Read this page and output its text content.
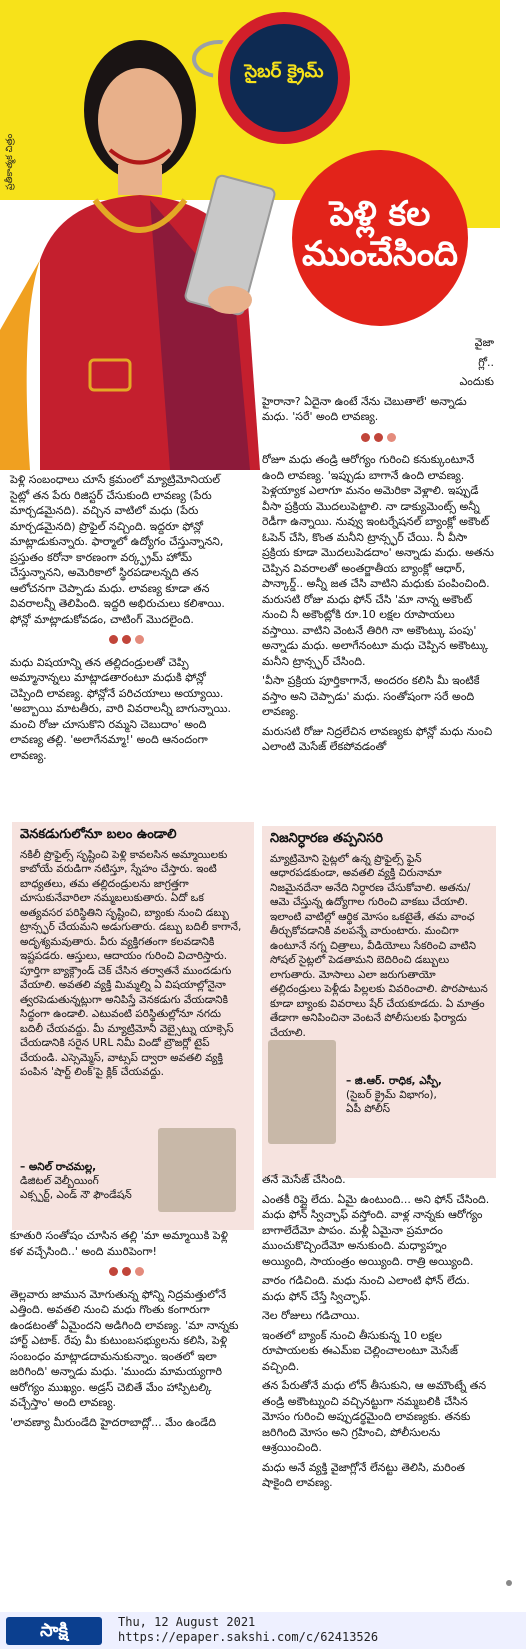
ప్రతీకాత్మక చిత్రం
సైబర్ క్రైమ్
పెళ్లి కల ముంచేసింది

వైజా

గ్లో..

ఎందుకు

హైరానా? ఏదైనా ఉంటే నేను చెబుతాలే' అన్నాడు మధు. 'సరే' అంది లావణ్య.

రోజూ మధు తండ్రి ఆరోగ్యం గురించి కనుక్కుంటూనే ఉంది లావణ్య. 'ఇప్పుడు బాగానే ఉంది లావణ్య. పెళ్లయ్యాక ఎలాగూ మనం అమెరికా వెళ్లాలి. ఇప్పుడే వీసా ప్రక్రియ మొదలుపెట్టాలి. నా డాక్యుమెంట్స్ అన్నీ రెడీగా ఉన్నాయి. నువ్వు ఇంటర్నేషనల్ బ్యాంక్లో అకౌంట్ ఓపెన్ చేసి, కొంత మనీని ట్రాన్స్ఫర్ చేయి. నీ వీసా ప్రక్రియ కూడా మొదలుపెడదాం' అన్నాడు మధు. అతను చెప్పిన వివరాలతో అంతర్జాతీయ బ్యాంక్లో ఆధార్, పాన్కార్డ్.. అన్నీ జత చేసి వాటిని మధుకు పంపించింది. మరుసటి రోజు మధు ఫోన్ చేసి 'మా నాన్న అకౌంట్ నుంచి నీ అకౌంట్లోకి రూ.10 లక్షల రూపాయలు వస్తాయి. వాటిని వెంటనే తిరిగి నా అకౌంట్కు పంపు' అన్నాడు మధు. అలాగేనంటూ మధు చెప్పిన అకౌంట్కు మనీని ట్రాన్స్ఫర్ చేసింది.

'వీసా ప్రక్రియ పూర్తికాగానే, అందరం కలిసి మీ ఇంటికే వస్తాం అని చెప్పాడు' మధు. సంతోషంగా సరే అంది లావణ్య.

మరుసటి రోజు నిద్రలేచిన లావణ్యకు ఫోన్లో మధు నుంచి ఎలాంటి మెసేజ్ లేకపోవడంతో

పెళ్లి సంబంధాలు చూసే క్రమంలో మ్యాట్రిమోనియల్ సైట్లో తన పేరు రిజిస్టర్ చేసుకుంది లావణ్య (పేరు మార్చడమైనది). వచ్చిన వాటిలో మధు (పేరు మార్చడమైనది) ప్రొఫైల్ నచ్చింది. ఇద్దరూ ఫోన్లో మాట్లాడుకున్నారు. ఫార్మాలో ఉద్యోగం చేస్తున్నానని, ప్రస్తుతం కరోనా కారణంగా వర్క్ఫ్రమ్ హోమ్ చేస్తున్నానని, అమెరికాలో స్థిరపడాలన్నది తన ఆలోచనగా చెప్పాడు మధు. లావణ్య కూడా తన వివరాలన్నీ తెలిపింది. ఇద్దరి అభిరుచులు కలిశాయి. ఫోన్లో మాట్లాడుకోవడం, చాటింగ్ మొదలైంది.

మధు విషయాన్ని తన తల్లిదండ్రులతో చెప్పి అమ్మానాన్నలు మాట్లాడతారంటూ మధుకి ఫోన్లో చెప్పింది లావణ్య. ఫోన్లోనే పరిచయాలు అయ్యాయి. 'అబ్బాయి మాటతీరు, వారి వివరాలన్నీ బాగున్నాయి. మంచి రోజు చూసుకొని రమ్మని చెబుదాం' అంది లావణ్య తల్లి. 'అలాగేనమ్మా!' అంది ఆనందంగా లావణ్య.

వెనకడుగులోనూ బలం ఉండాలి
నకిలీ ప్రొఫైల్స్ సృష్టించి పెళ్లి కావలసిన అమ్మాయిలకు కాబోయే వరుడిగా నటిస్తూ, స్నేహం చేస్తారు. ఇంటి బాధ్యతలు, తమ తల్లిదండ్రులను జాగ్రత్తగా చూసుకునేవారిలా నమ్మబలుకుతారు. ఏదో ఒక అత్యవసర పరిస్థితిని సృష్టించి, బ్యాంకు నుంచి డబ్బు ట్రాన్స్ఫర్ చేయమని అడుగుతారు. డబ్బు బదిలీ కాగానే, అదృశ్యమవుతారు. వీరు వ్యక్తిగతంగా కలవడానికి ఇష్టపడరు. ఆస్తులు, ఆదాయం గురించి విచారిస్తారు. పూర్తిగా బ్యాక్గ్రౌండ్ చెక్ చేసిన తర్వాతనే ముందడుగు వేయాలి. అవతలి వ్యక్తి మిమ్మల్ని ఏ విషయాల్లోనైనా త్వరపెడుతున్నట్లుగా అనిపిస్తే వెనకడుగు వేయడానికి సిద్ధంగా ఉండాలి. ఎటువంటి పరిస్థితుల్లోనూ నగదు బదిలీ చేయవద్దు. మీ మ్యాట్రిమోనీ వెబ్సైట్ను యాక్సెస్ చేయడానికి సరైన URL నిమీ విండో బ్రౌజర్లో టైప్ చేయండి. ఎస్సెమ్మెస్, వాట్సప్ ద్వారా అవతలి వ్యక్తి పంపిన 'షార్ట్ లింక్'పై క్లిక్ చేయవద్దు.
– అనిల్ రాచమల్ల,
డిజిటల్ వెల్బీయింగ్
ఎక్స్పర్ట్, ఎండ్ నౌ ఫౌండేషన్
నిజనిర్ధారణ తప్పనిసరి
మ్యాట్రిమోని సైట్లలో ఉన్న ప్రొఫైల్స్ ఫైన్ ఆధారపడకుండా, అవతలి వ్యక్తి చిరునామా నిజమైనదేనా అనేది నిర్ధారణ చేసుకోవాలి. అతను/ఆమె చేస్తున్న ఉద్యోగాల గురించి వాకబు చేయాలి. ఇలాంటి వాటిల్లో ఆర్థిక మోసం ఒకటైతే, తమ వాంఛ తీర్చుకోవడానికి వలపన్నే వారుంటారు. మంచిగా ఉంటూనే నగ్న చిత్రాలు, వీడియోలు సేకరించి వాటిని సోషల్ సైట్లలో పెడతామని బెదిరించి డబ్బులు లాగుతారు. మోసాలు ఎలా జరుగుతాయో తల్లిదండ్రులు పెళ్లీడు పిల్లలకు వివరించాలి. పొరపాటున కూడా బ్యాంకు వివరాలు షేర్ చేయకూడదు. ఏ మాత్రం తేడాగా అనిపించినా వెంటనే పోలీసులకు ఫిర్యాదు చేయాలి.
– జి.ఆర్. రాధిక, ఎస్పీ,
(సైబర్ క్రైమ్ విభాగం),
ఏపీ పోలీస్

కూతురి సంతోషం చూసిన తల్లి 'మా అమ్మాయికి పెళ్లి కళ వచ్చేసింది..' అంది మురిపెంగా!

తెల్లవారు జామున మోగుతున్న ఫోన్ని నిద్రమత్తులోనే ఎత్తింది. అవతలి నుంచి మధు గొంతు కంగారుగా ఉండటంతో ఏమైందని అడిగింది లావణ్య. 'మా నాన్నకు హార్ట్ ఎటాక్. రేపు మీ కుటుంబసభ్యులను కలిసి, పెళ్లి సంబంధం మాట్లాడదామనుకున్నాం. ఇంతలో ఇలా జరిగింది' అన్నాడు మధు. 'ముందు మామయ్యగారి ఆరోగ్యం ముఖ్యం. అడ్రస్ చెబితే మేం హాస్పిటల్కి వచ్చేస్తాం' అంది లావణ్య.

'లావణ్యా మీరుండేది హైదరాబాద్లో... మేం ఉండేది

తనే మెసేజ్ చేసింది.

ఎంతకీ రిప్లై లేదు. ఏమై ఉంటుంది... అని ఫోన్ చేసింది. మధు ఫోన్ స్విచ్ఛాఫ్ వస్తోంది. వాళ్ల నాన్నకు ఆరోగ్యం బాగాలేదేమో పాపం. మళ్లీ ఏమైనా ప్రమాదం ముంచుకొచ్చిందేమో అనుకుంది. మధ్యాహ్నం అయ్యింది, సాయంత్రం అయ్యింది. రాత్రి అయ్యింది.

వారం గడిచింది. మధు నుంచి ఎలాంటి ఫోన్ లేదు. మధు ఫోన్ చేస్తే స్విచ్ఛాఫ్.

నెల రోజులు గడిచాయి.

ఇంతలో బ్యాంక్ నుంచి తీసుకున్న 10 లక్షల రూపాయలకు ఈఎమ్ఐ చెల్లించాలంటూ మెసేజ్ వచ్చింది.

తన పేరుతోనే మధు లోన్ తీసుకుని, ఆ అమౌంట్నే తన తండ్రి అకౌంట్నుంచి వచ్చినట్టుగా నమ్మబలికి చేసిన మోసం గురించి అప్పుడర్థమైంది లావణ్యకు. తనకు జరిగింది మోసం అని గ్రహించి, పోలీసులను ఆశ్రయించింది.

మధు అనే వ్యక్తి వైజాగ్లోనే లేనట్టు తెలిసి, మరింత షాకైంది లావణ్య.

సాక్షి	Thu, 12 August 2021
https://epaper.sakshi.com/c/62413526
